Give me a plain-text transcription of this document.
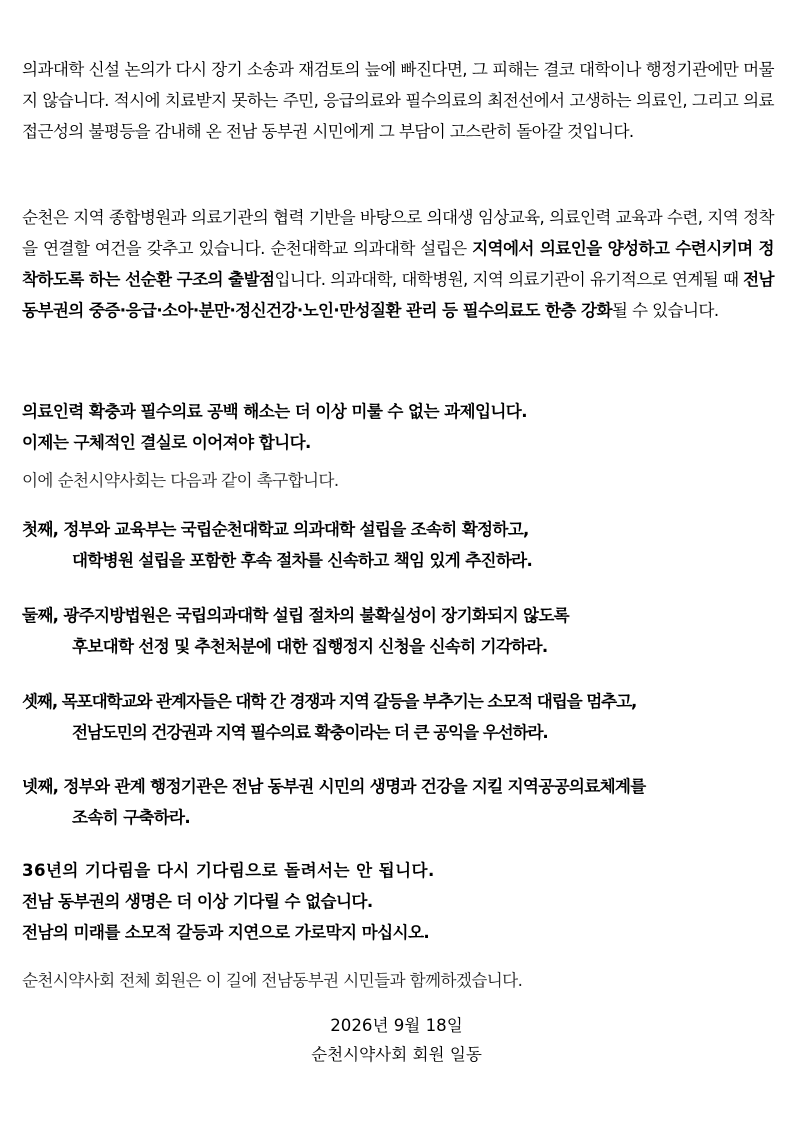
의과대학 신설 논의가 다시 장기 소송과 재검토의 늪에 빠진다면, 그 피해는 결코 대학이나 행정기관에만 머물지 않습니다. 적시에 치료받지 못하는 주민, 응급의료와 필수의료의 최전선에서 고생하는 의료인, 그리고 의료 접근성의 불평등을 감내해 온 전남 동부권 시민에게 그 부담이 고스란히 돌아갈 것입니다.
순천은 지역 종합병원과 의료기관의 협력 기반을 바탕으로 의대생 임상교육, 의료인력 교육과 수련, 지역 정착을 연결할 여건을 갖추고 있습니다. 순천대학교 의과대학 설립은 지역에서 의료인을 양성하고 수련시키며 정착하도록 하는 선순환 구조의 출발점입니다. 의과대학, 대학병원, 지역 의료기관이 유기적으로 연계될 때 전남 동부권의 중증·응급·소아·분만·정신건강·노인·만성질환 관리 등 필수의료도 한층 강화될 수 있습니다.
의료인력 확충과 필수의료 공백 해소는 더 이상 미룰 수 없는 과제입니다.
이제는 구체적인 결실로 이어져야 합니다.
이에 순천시약사회는 다음과 같이 촉구합니다.
첫째, 정부와 교육부는 국립순천대학교 의과대학 설립을 조속히 확정하고,
대학병원 설립을 포함한 후속 절차를 신속하고 책임 있게 추진하라.
둘째, 광주지방법원은 국립의과대학 설립 절차의 불확실성이 장기화되지 않도록
후보대학 선정 및 추천처분에 대한 집행정지 신청을 신속히 기각하라.
셋째, 목포대학교와 관계자들은 대학 간 경쟁과 지역 갈등을 부추기는 소모적 대립을 멈추고,
전남도민의 건강권과 지역 필수의료 확충이라는 더 큰 공익을 우선하라.
넷째, 정부와 관계 행정기관은 전남 동부권 시민의 생명과 건강을 지킬 지역공공의료체계를
조속히 구축하라.
36년의 기다림을 다시 기다림으로 돌려서는 안 됩니다.
전남 동부권의 생명은 더 이상 기다릴 수 없습니다.
전남의 미래를 소모적 갈등과 지연으로 가로막지 마십시오.
순천시약사회 전체 회원은 이 길에 전남동부권 시민들과 함께하겠습니다.
2026년 9월 18일
순천시약사회 회원 일동
